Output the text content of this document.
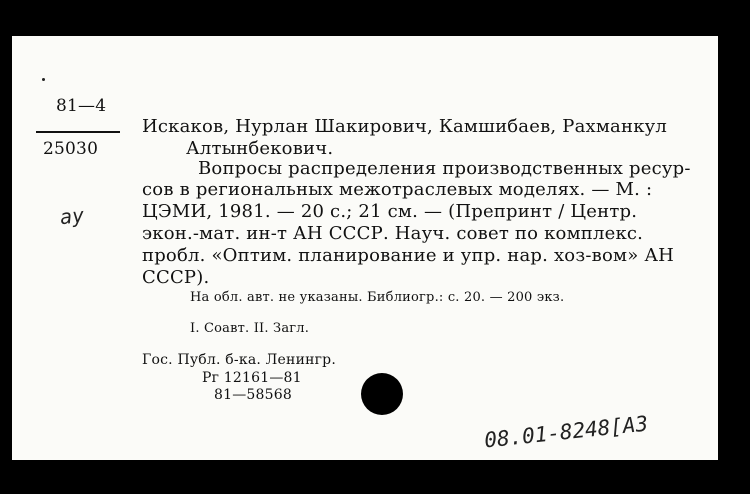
81—4
25030
ay
Искаков, Нурлан Шакирович, Камшибаев, Рахманкул
Алтынбекович.
Вопросы распределения производственных ресур-
сов в региональных межотраслевых моделях. — М. :
ЦЭМИ, 1981. — 20 с.; 21 см. — (Препринт / Центр.
экон.-мат. ин-т АН СССР. Науч. совет по комплекс.
пробл. «Оптим. планирование и упр. нар. хоз-вом» АН
СССР).
На обл. авт. не указаны. Библиогр.: с. 20. — 200 экз.
I. Соавт. II. Загл.
Гос. Публ. б-ка. Ленингр.
Рг 12161—81
81—58568
08.01-8248[A3
